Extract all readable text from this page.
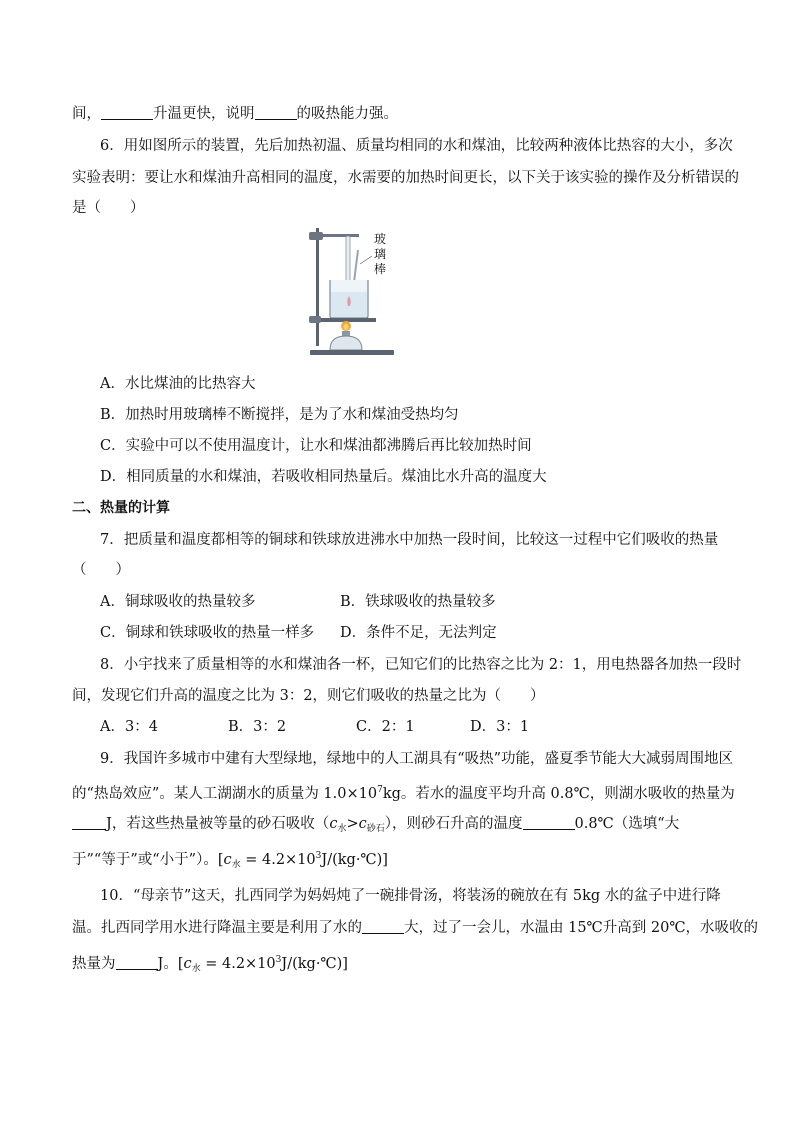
间，	升温更快，说明	的吸热能力强。
6．用如图所示的装置，先后加热初温、质量均相同的水和煤油，比较两种液体比热容的大小，多次
实验表明：要让水和煤油升高相同的温度，水需要的加热时间更长，以下关于该实验的操作及分析错误的
是（　　）
玻璃棒
A．水比煤油的比热容大
B．加热时用玻璃棒不断搅拌，是为了水和煤油受热均匀
C．实验中可以不使用温度计，让水和煤油都沸腾后再比较加热时间
D．相同质量的水和煤油，若吸收相同热量后。煤油比水升高的温度大
二、热量的计算
7．把质量和温度都相等的铜球和铁球放进沸水中加热一段时间，比较这一过程中它们吸收的热量
（　　）
A．铜球吸收的热量较多	B．铁球吸收的热量较多
C．铜球和铁球吸收的热量一样多 D．条件不足，无法判定
8．小宇找来了质量相等的水和煤油各一杯，已知它们的比热容之比为 2：1，用电热器各加热一段时
间，发现它们升高的温度之比为 3：2，则它们吸收的热量之比为（　　）
A．3：4	B．3：2	C．2：1	D．3：1
9．我国许多城市中建有大型绿地，绿地中的人工湖具有“吸热”功能，盛夏季节能大大减弱周围地区
的“热岛效应”。某人工湖湖水的质量为 $1.0\times 10^7kg$。若水的温度平均升高 0.8℃，则湖水吸收的热量为
J，若这些热量被等量的砂石吸收$(c_水>c_{砂石})$，则砂石升高的温度	0.8℃（选填“大
于”“等于”或“小于”）。[$c_水$ = $4.2\times 10^3J/(kg\cdot℃)$]
10．“母亲节”这天，扎西同学为妈妈炖了一碗排骨汤，将装汤的碗放在有 5kg 水的盆子中进行降
温。扎西同学用水进行降温主要是利用了水的	大，过了一会儿，水温由 15℃升高到 20℃，水吸收的
热量为	J。[$c_水$ = $4.2\times 10^3J/(kg\cdot℃)$]
